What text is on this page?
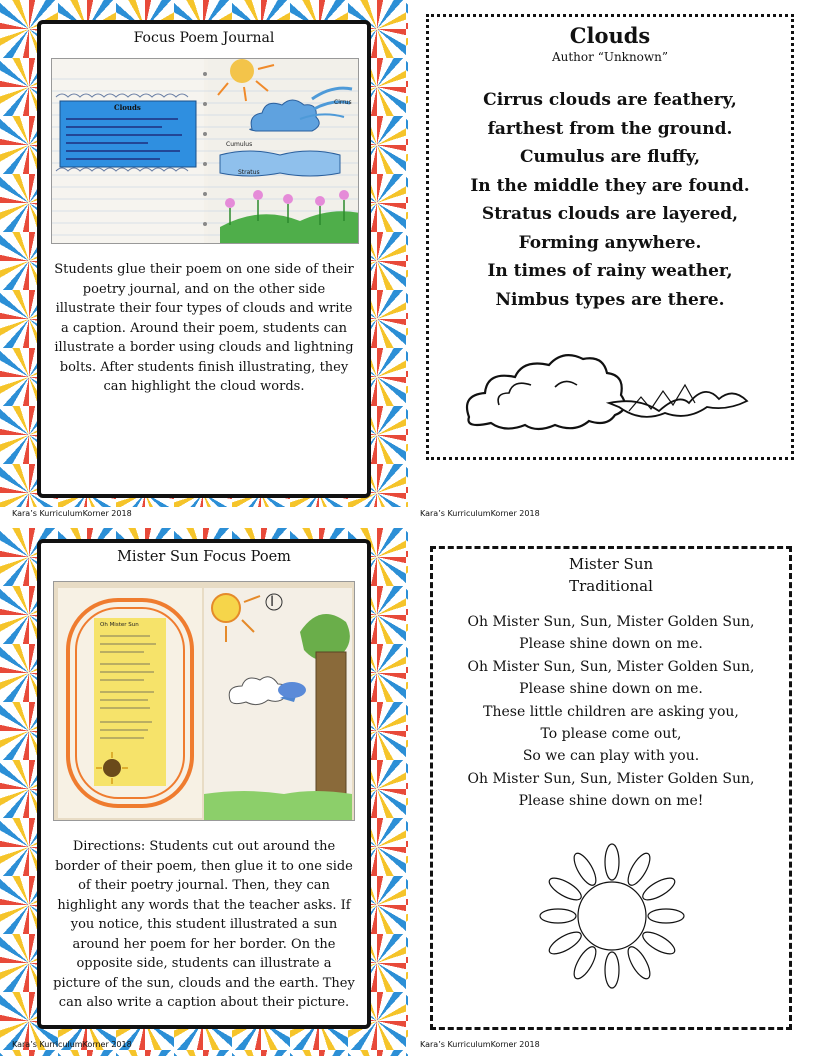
Focus Poem Journal
Clouds
Cirrus
Cumulus
Stratus
Students glue their poem on one side of their poetry journal, and on the other side illustrate their four types of clouds and write a caption. Around their poem, students can illustrate a border using clouds and lightning bolts. After students finish illustrating, they can highlight the cloud words.
Clouds
Author “Unknown”
Cirrus clouds are feathery,
farthest from the ground.
Cumulus are fluffy,
In the middle they are found.
Stratus clouds are layered,
Forming anywhere.
In times of rainy weather,
Nimbus types are there.
Kara’s KurriculumKorner 2018	Kara’s KurriculumKorner 2018
Mister Sun Focus Poem
I
Oh Mister Sun
Directions: Students cut out around the border of their poem, then glue it to one side of their poetry journal. Then, they can highlight any words that the teacher asks. If you notice, this student illustrated a sun around her poem for her border. On the opposite side, students can illustrate a picture of the sun, clouds and the earth. They can also write a caption about their picture.
Mister Sun
Traditional
Oh Mister Sun, Sun, Mister Golden Sun,
Please shine down on me.
Oh Mister Sun, Sun, Mister Golden Sun,
Please shine down on me.
These little children are asking you,
To please come out,
So we can play with you.
Oh Mister Sun, Sun, Mister Golden Sun,
Please shine down on me!
Kara’s KurriculumKorner 2018	Kara’s KurriculumKorner 2018
